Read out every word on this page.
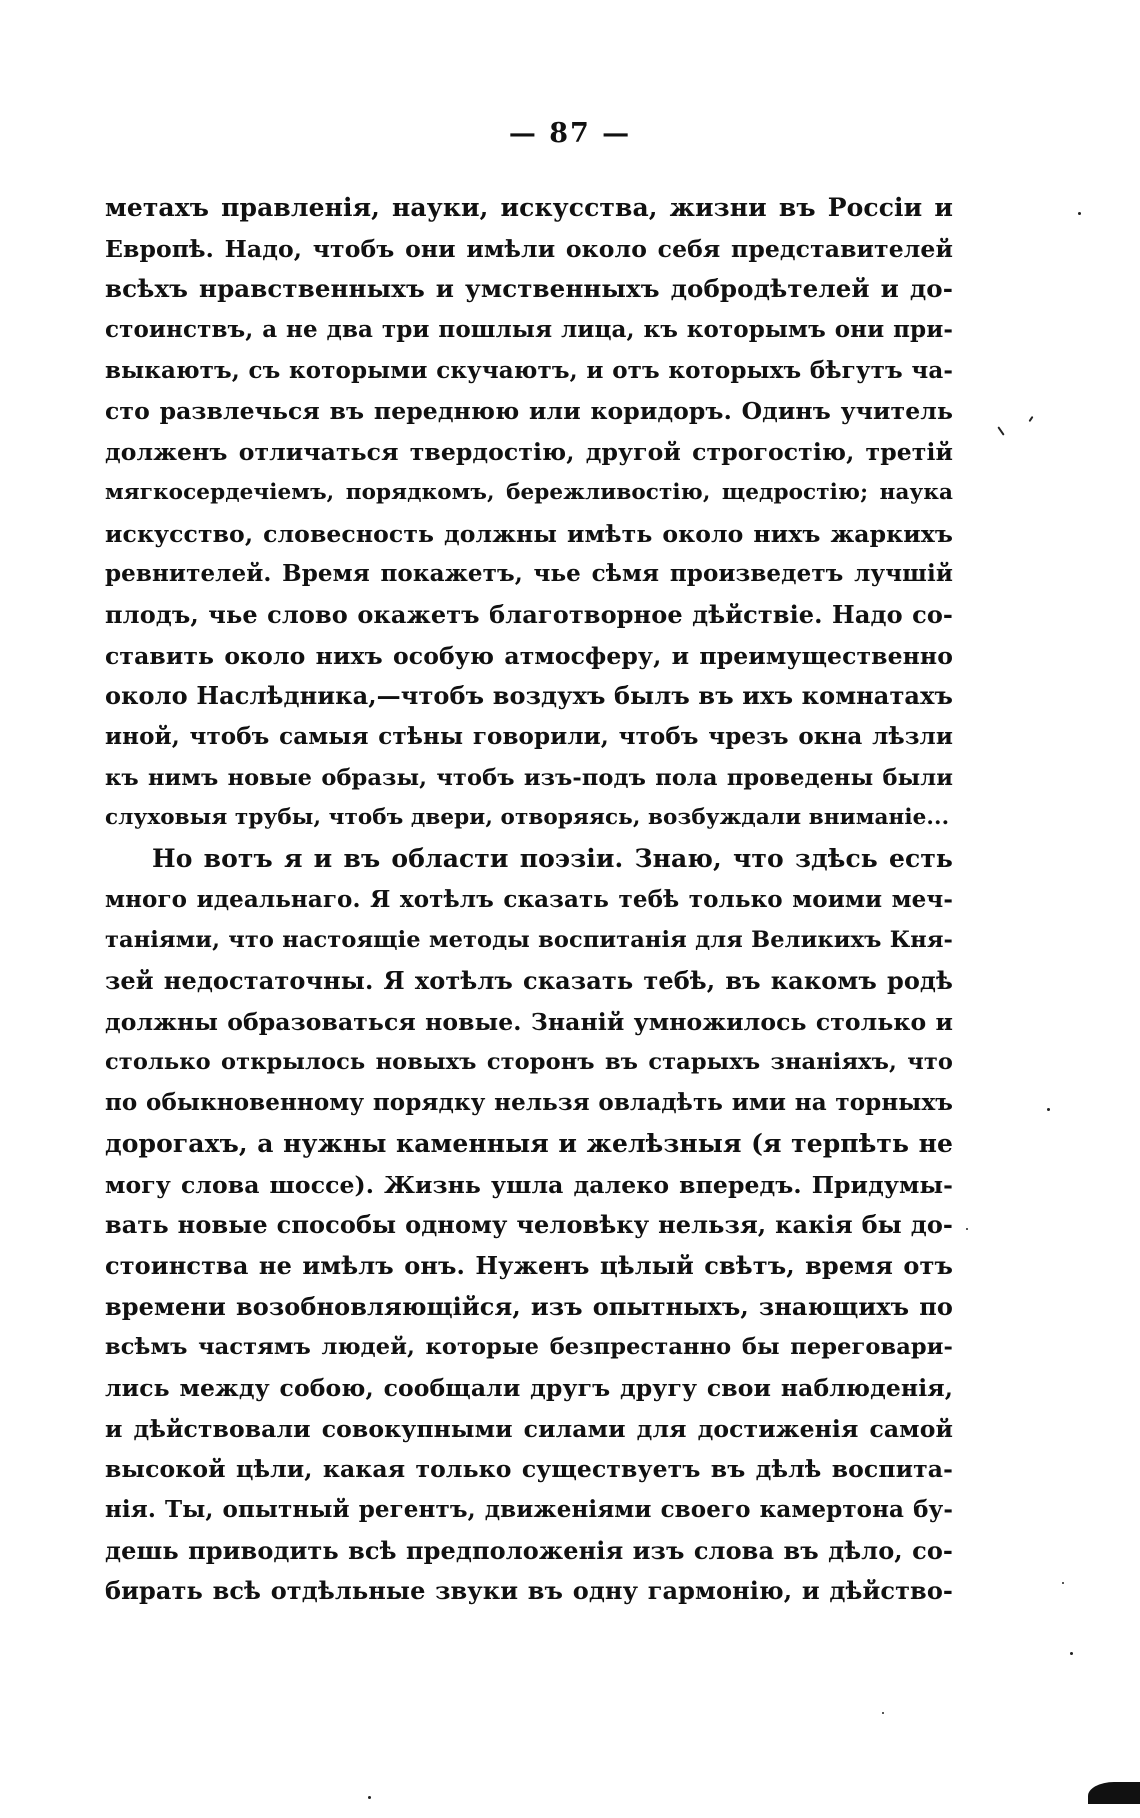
— 87 —
метахъ правленія, науки, искусства, жизни въ Россіи и
Европѣ. Надо, чтобъ они имѣли около себя представителей
всѣхъ нравственныхъ и умственныхъ добродѣтелей и до-
стоинствъ, а не два три пошлыя лица, къ которымъ они при-
выкаютъ, съ которыми скучаютъ, и отъ которыхъ бѣгутъ ча-
сто развлечься въ переднюю или коридоръ. Одинъ учитель
долженъ отличаться твердостію, другой строгостію, третій
мягкосердечіемъ, порядкомъ, бережливостію, щедростію; наука
искусство, словесность должны имѣть около нихъ жаркихъ
ревнителей. Время покажетъ, чье сѣмя произведетъ лучшій
плодъ, чье слово окажетъ благотворное дѣйствіе. Надо со-
ставить около нихъ особую атмосферу, и преимущественно
около Наслѣдника,—чтобъ воздухъ былъ въ ихъ комнатахъ
иной, чтобъ самыя стѣны говорили, чтобъ чрезъ окна лѣзли
къ нимъ новые образы, чтобъ изъ-подъ пола проведены были
слуховыя трубы, чтобъ двери, отворяясь, возбуждали вниманіе...
Но вотъ я и въ области поэзіи. Знаю, что здѣсь есть
много идеальнаго. Я хотѣлъ сказать тебѣ только моими меч-
таніями, что настоящіе методы воспитанія для Великихъ Кня-
зей недостаточны. Я хотѣлъ сказать тебѣ, въ какомъ родѣ
должны образоваться новые. Знаній умножилось столько и
столько открылось новыхъ сторонъ въ старыхъ знаніяхъ, что
по обыкновенному порядку нельзя овладѣть ими на торныхъ
дорогахъ, а нужны каменныя и желѣзныя (я терпѣть не
могу слова шоссе). Жизнь ушла далеко впередъ. Придумы-
вать новые способы одному человѣку нельзя, какія бы до-
стоинства не имѣлъ онъ. Нуженъ цѣлый свѣтъ, время отъ
времени возобновляющійся, изъ опытныхъ, знающихъ по
всѣмъ частямъ людей, которые безпрестанно бы переговари-
лись между собою, сообщали другъ другу свои наблюденія,
и дѣйствовали совокупными силами для достиженія самой
высокой цѣли, какая только существуетъ въ дѣлѣ воспита-
нія. Ты, опытный регентъ, движеніями своего камертона бу-
дешь приводить всѣ предположенія изъ слова въ дѣло, со-
бирать всѣ отдѣльные звуки въ одну гармонію, и дѣйство-
